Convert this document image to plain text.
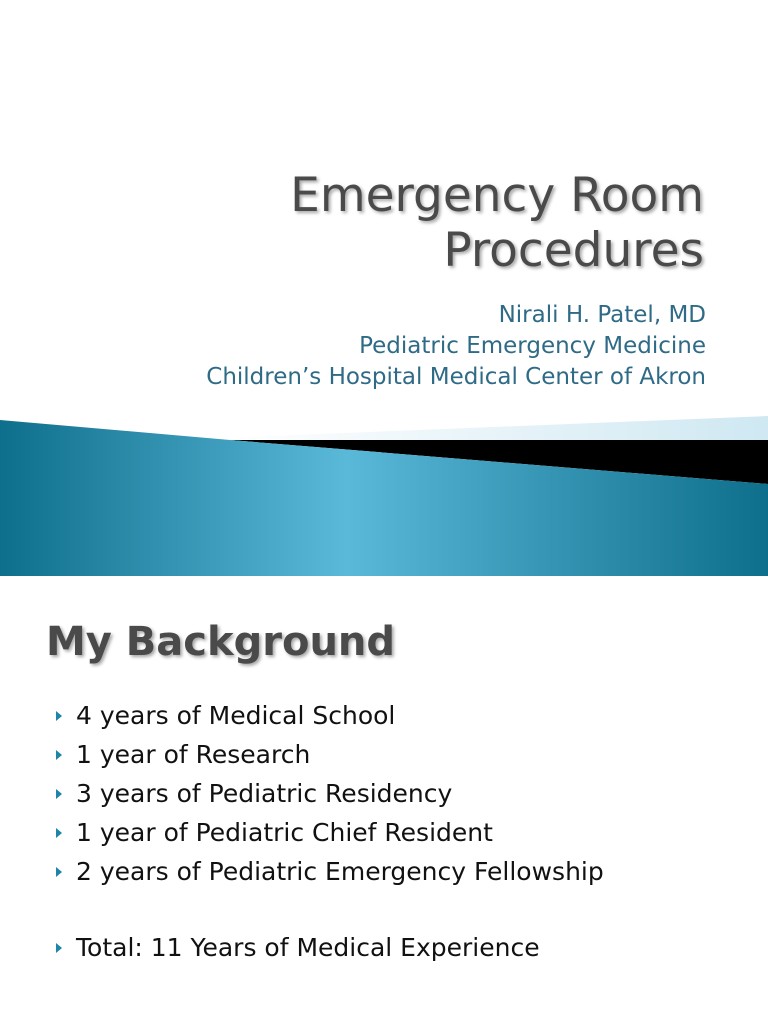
Emergency Room
Procedures
Nirali H. Patel, MD
Pediatric Emergency Medicine
Children’s Hospital Medical Center of Akron
My Background
4 years of Medical School
1 year of Research
3 years of Pediatric Residency
1 year of Pediatric Chief Resident
2 years of Pediatric Emergency Fellowship
Total: 11 Years of Medical Experience
